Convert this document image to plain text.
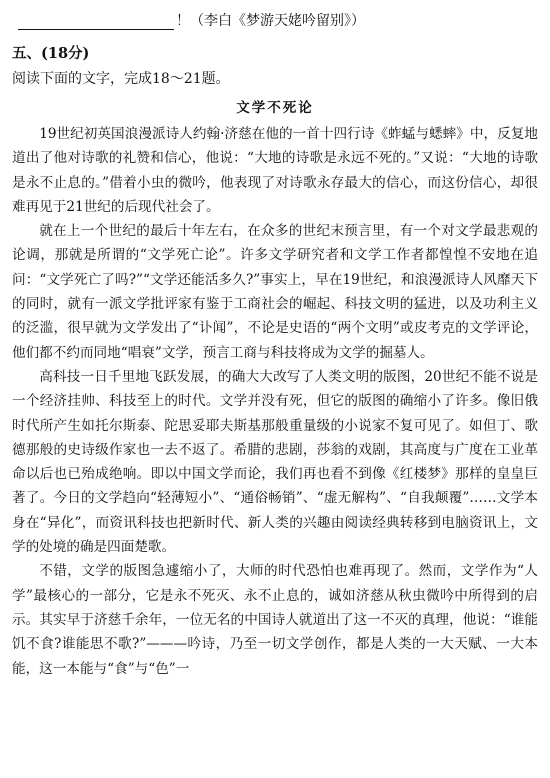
！ （李白《梦游天姥吟留别》）
五、(18分)
阅读下面的文字，完成18～21题。
文学不死论

19世纪初英国浪漫派诗人约翰·济慈在他的一首十四行诗《蚱蜢与蟋蟀》中，反复地道出了他对诗歌的礼赞和信心，他说：“大地的诗歌是永远不死的。”又说：“大地的诗歌是永不止息的。”借着小虫的微吟，他表现了对诗歌永存最大的信心，而这份信心，却很难再见于21世纪的后现代社会了。

就在上一个世纪的最后十年左右，在众多的世纪末预言里，有一个对文学最悲观的论调，那就是所谓的“文学死亡论”。许多文学研究者和文学工作者都惶惶不安地在追问：“文学死亡了吗?”“文学还能活多久?”事实上，早在19世纪，和浪漫派诗人风靡天下的同时，就有一派文学批评家有鉴于工商社会的崛起、科技文明的猛进，以及功利主义的泛滥，很早就为文学发出了“讣闻”，不论是史语的“两个文明”或皮考克的文学评论，他们都不约而同地“唱衰”文学，预言工商与科技将成为文学的掘墓人。

高科技一日千里地飞跃发展，的确大大改写了人类文明的版图，20世纪不能不说是一个经济挂帅、科技至上的时代。文学并没有死，但它的版图的确缩小了许多。像旧俄时代所产生如托尔斯泰、陀思妥耶夫斯基那般重量级的小说家不复可见了。如但丁、歌德那般的史诗级作家也一去不返了。希腊的悲剧，莎翁的戏剧，其高度与广度在工业革命以后也已殆成绝响。即以中国文学而论，我们再也看不到像《红楼梦》那样的皇皇巨著了。今日的文学趋向“轻薄短小”、“通俗畅销”、“虚无解构”、“自我颠覆”……文学本身在“异化”，而资讯科技也把新时代、新人类的兴趣由阅读经典转移到电脑资讯上，文学的处境的确是四面楚歌。

不错，文学的版图急遽缩小了，大师的时代恐怕也难再现了。然而，文学作为“人学”最核心的一部分，它是永不死灭、永不止息的，诚如济慈从秋虫微吟中所得到的启示。其实早于济慈千余年，一位无名的中国诗人就道出了这一不灭的真理，他说：“谁能饥不食?谁能思不歌?”———吟诗，乃至一切文学创作，都是人类的一大天赋、一大本能，这一本能与“食”与“色”一
